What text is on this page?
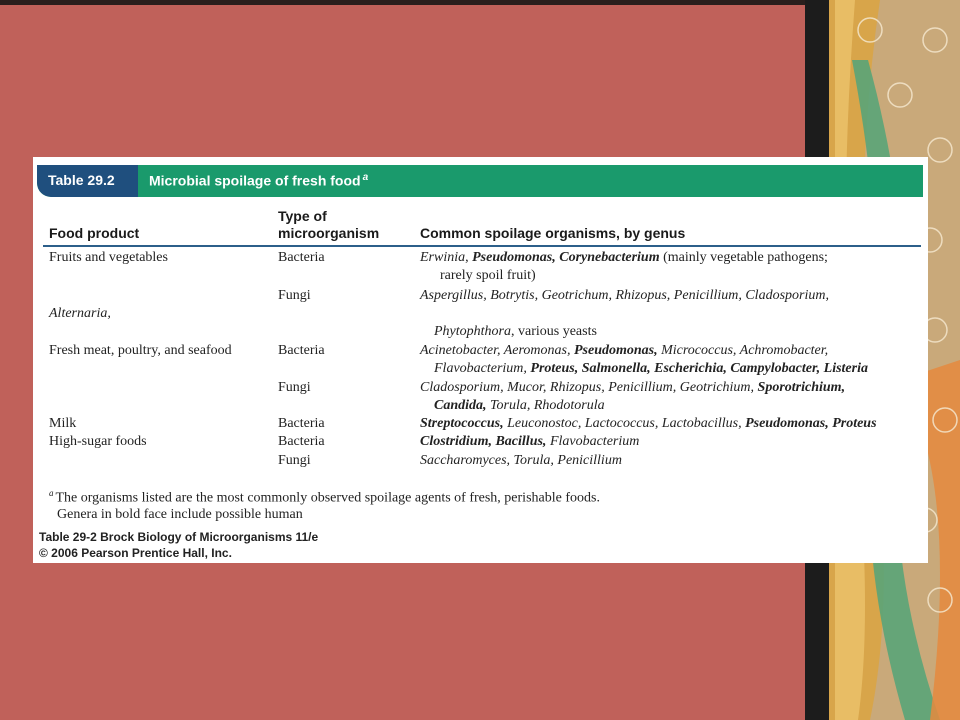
Table 29.2 Microbial spoilage of fresh food $^a$
Food product
Type of
microorganism	Common spoilage organisms, by genus
Fruits and vegetables
Fresh meat, poultry, and seafood
Milk
High-sugar foods
Bacteria
Fungi
Bacteria
Fungi
Bacteria
Bacteria
Fungi
Erwinia, Pseudomonas, Corynebacterium (mainly vegetable pathogens;
rarely spoil fruit)
Aspergillus, Botrytis, Geotrichum, Rhizopus, Penicillium, Cladosporium,
Alternaria,
Phytophthora, various yeasts
Acinetobacter, Aeromonas, Pseudomonas, Micrococcus, Achromobacter,
Flavobacterium, Proteus, Salmonella, Escherichia, Campylobacter, Listeria
Cladosporium, Mucor, Rhizopus, Penicillium, Geotrichium, Sporotrichium,
Candida, Torula, Rhodotorula
Streptococcus, Leuconostoc, Lactococcus, Lactobacillus, Pseudomonas, Proteus
Clostridium, Bacillus, Flavobacterium
Saccharomyces, Torula, Penicillium
$^a$ The organisms listed are the most commonly observed spoilage agents of fresh, perishable foods.
Genera in bold face include possible human
Table 29-2 Brock Biology of Microorganisms 11/e
© 2006 Pearson Prentice Hall, Inc.
